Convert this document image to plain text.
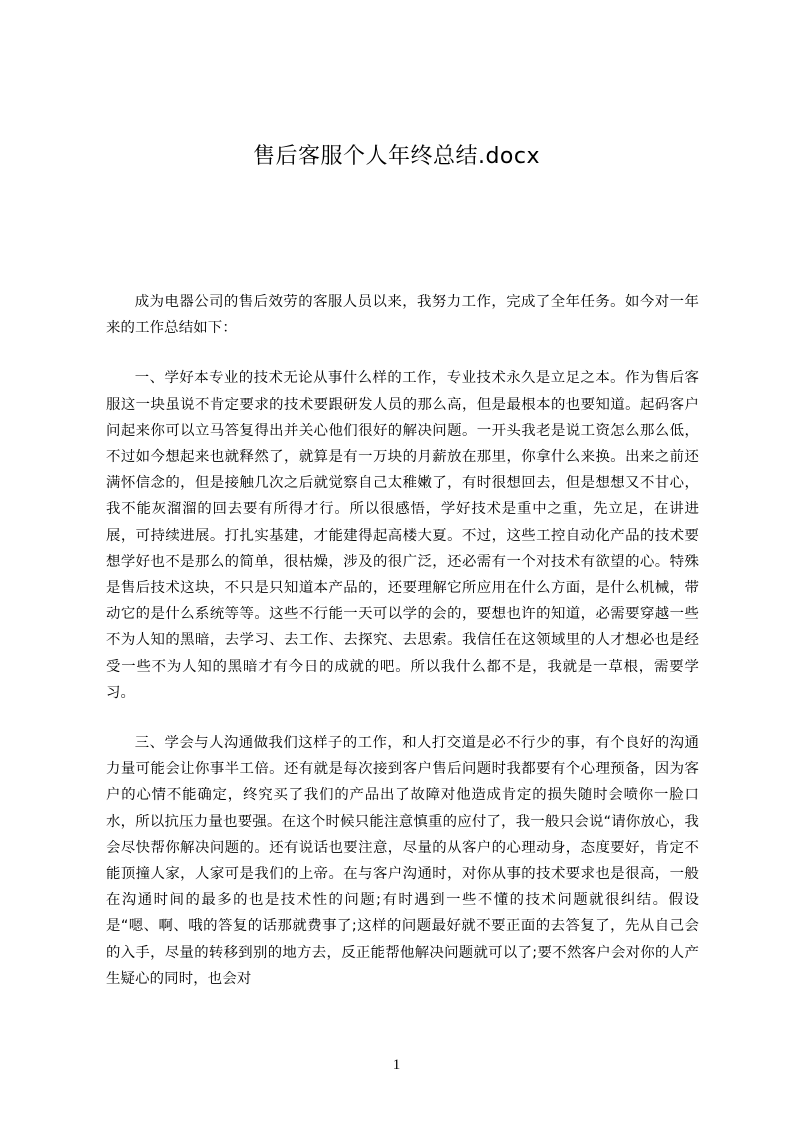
售后客服个人年终总结.docx

成为电器公司的售后效劳的客服人员以来，我努力工作，完成了全年任务。如今对一年来的工作总结如下：

一、学好本专业的技术无论从事什么样的工作，专业技术永久是立足之本。作为售后客服这一块虽说不肯定要求的技术要跟研发人员的那么高，但是最根本的也要知道。起码客户问起来你可以立马答复得出并关心他们很好的解决问题。一开头我老是说工资怎么那么低，不过如今想起来也就释然了，就算是有一万块的月薪放在那里，你拿什么来换。出来之前还满怀信念的，但是接触几次之后就觉察自己太稚嫩了，有时很想回去，但是想想又不甘心，我不能灰溜溜的回去要有所得才行。所以很感悟，学好技术是重中之重，先立足，在讲进展，可持续进展。打扎实基建，才能建得起高楼大夏。不过，这些工控自动化产品的技术要想学好也不是那么的简单，很枯燥，涉及的很广泛，还必需有一个对技术有欲望的心。特殊是售后技术这块，不只是只知道本产品的，还要理解它所应用在什么方面，是什么机械，带动它的是什么系统等等。这些不行能一天可以学的会的，要想也许的知道，必需要穿越一些不为人知的黑暗，去学习、去工作、去探究、去思索。我信任在这领域里的人才想必也是经受一些不为人知的黑暗才有今日的成就的吧。所以我什么都不是，我就是一草根，需要学习。

三、学会与人沟通做我们这样子的工作，和人打交道是必不行少的事，有个良好的沟通力量可能会让你事半工倍。还有就是每次接到客户售后问题时我都要有个心理预备，因为客户的心情不能确定，终究买了我们的产品出了故障对他造成肯定的损失随时会喷你一脸口水，所以抗压力量也要强。在这个时候只能注意慎重的应付了，我一般只会说“请你放心，我会尽快帮你解决问题的。还有说话也要注意，尽量的从客户的心理动身，态度要好，肯定不能顶撞人家，人家可是我们的上帝。在与客户沟通时，对你从事的技术要求也是很高，一般在沟通时间的最多的也是技术性的问题;有时遇到一些不懂的技术问题就很纠结。假设是“嗯、啊、哦的答复的话那就费事了;这样的问题最好就不要正面的去答复了，先从自己会的入手，尽量的转移到别的地方去，反正能帮他解决问题就可以了;要不然客户会对你的人产生疑心的同时，也会对

1
